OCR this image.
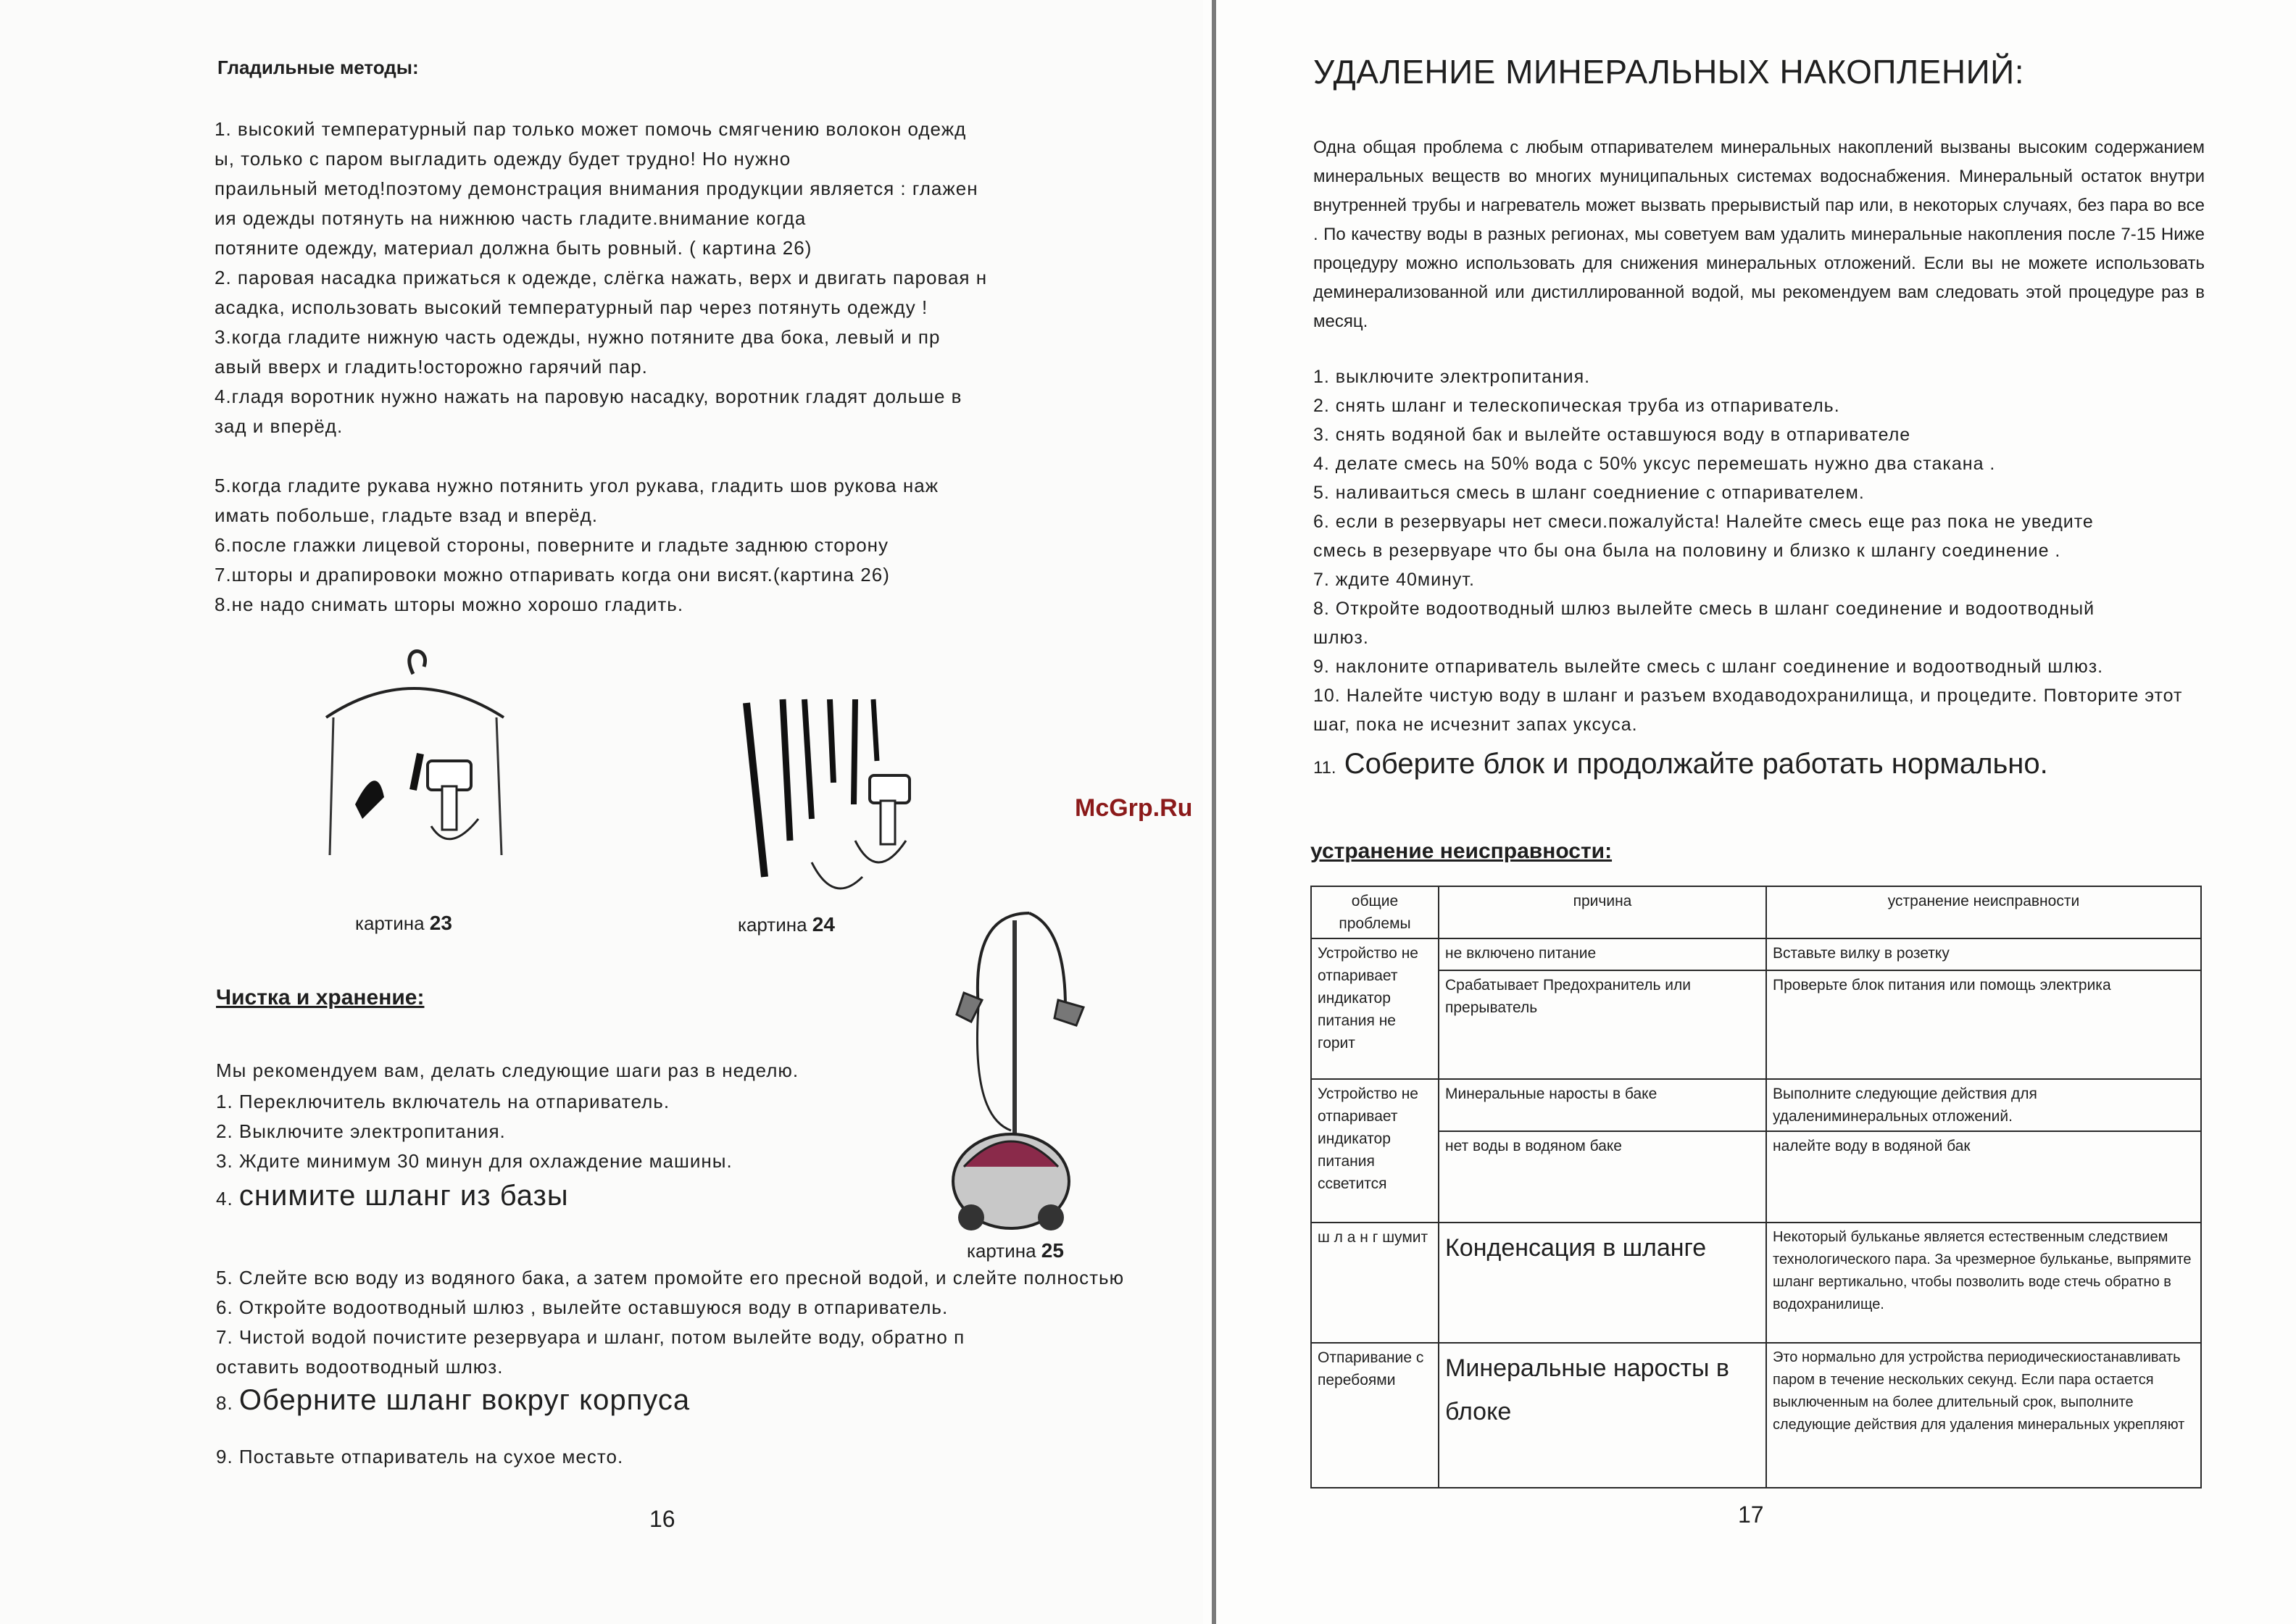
Гладильные методы:
1. высокий температурный пар только может помочь смягчению волокон одежд
ы, только с паром выгладить одежду будет трудно! Но нужно
праильный метод!поэтому демонстрация внимания продукции является : глажен
ия одежды потянуть на нижнюю часть гладите.внимание когда
потяните одежду, материал должна быть ровный. ( картина 26)
2. паровая насадка прижаться к одежде, слёгка нажать, верх и двигать паровая н
асадка, использовать высокий температурный пар через потянуть одежду !
3.когда гладите нижную часть одежды, нужно потяните два бока, левый и пр
авый вверх и гладить!осторожно гарячий пар.
4.гладя воротник нужно нажать на паровую насадку, воротник гладят дольше в
зад и вперёд.
5.когда гладите рукава нужно потянить угол рукава, гладить шов рукова наж
имать побольше, гладьте взад и вперёд.
6.после глажки лицевой стороны, поверните и гладьте заднюю сторону
7.шторы и драпировоки можно отпаривать когда они висят.(картина 26)
8.не надо снимать шторы можно хорошо гладить.
картина 23	картина 24
картина 25
Чистка и хранение:
Мы рекомендуем вам, делать следующие шаги раз в неделю.
1. Переключитель включатель на отпариватель.
2. Выключите электропитания.
3. Ждите минимум 30 минун для охлаждение машины.
4. снимите шланг из базы
5. Слейте всю воду из водяного бака, а затем промойте его пресной водой, и слейте полностью
6. Откройте водоотводный шлюз , вылейте оставшуюся воду в отпариватель.
7. Чистой водой почистите резервуара и шланг, потом вылейте воду, обратно п
оставить водоотводный шлюз.
8. Оберните шланг вокруг корпуса
9. Поставьте отпариватель на сухое место.
16
McGrp.Ru
УДАЛЕНИЕ МИНЕРАЛЬНЫХ НАКОПЛЕНИЙ:
Одна общая проблема с любым отпаривателем минеральных накоплений вызваны высоким содержанием минеральных веществ во многих муниципальных системах водоснабжения. Минеральный остаток внутри внутренней трубы и нагреватель может вызвать прерывистый пар или, в некоторых случаях, без пара во все . По качеству воды в разных регионах, мы советуем вам удалить минеральные накопления после 7-15 Ниже процедуру можно использовать для снижения минеральных отложений. Если вы не можете использовать деминерализованной или дистиллированной водой, мы рекомендуем вам следовать этой процедуре раз в месяц.
1. выключите электропитания.
2. снять шланг и телескопическая труба из отпариватель.
3. снять водяной бак и вылейте оставшуюся воду в отпаривателе
4. делате смесь на 50% вода с 50% уксус перемешать нужно два стакана .
5. наливаиться смесь в шланг соедниение с отпаривателем.
6. если в резервуары нет смеси.пожалуйста! Налейте смесь еще раз пока не уведите
смесь в резервуаре что бы она была на половину и близко к шлангу соединение .
7. ждите 40минут.
8. Откройте водоотводный шлюз вылейте смесь в шланг соединение и водоотводный
шлюз.
9. наклоните отпариватель вылейте смесь с шланг соединение и водоотводный шлюз.
10. Налейте чистую воду в шланг и разъем входаводохранилища, и процедите. Повторите этот
шаг, пока не исчезнит запах уксуса.
11. Соберите блок и продолжайте работать нормально.
устранение неисправности:
общие проблемы	причина	устранение неисправности
Устройство не отпаривает индикатор питания не горит	не включено питание	Вставьте вилку в розетку
	Срабатывает Предохранитель или прерыватель	Проверьте блок питания или помощь электрика
Устройство не отпаривает индикатор питания ссветится	Минеральные наросты в баке	Выполните следующие действия для удалениминеральных отложений.
	нет воды в водяном баке	налейте воду в водяной бак
ш л а н г шумит	Конденсация в шланге	Некоторый бульканье является естественным следствием технологического пара. За чрезмерное бульканье, выпрямите шланг вертикально, чтобы позволить воде стечь обратно в водохранилище.
Отпаривание с перебоями	Минеральные наросты в блоке	Это нормально для устройства периодическиостанавливать паром в течение нескольких секунд. Если пара остается выключенным на более длительный срок, выполните следующие действия для удаления минеральных укрепляют
17
